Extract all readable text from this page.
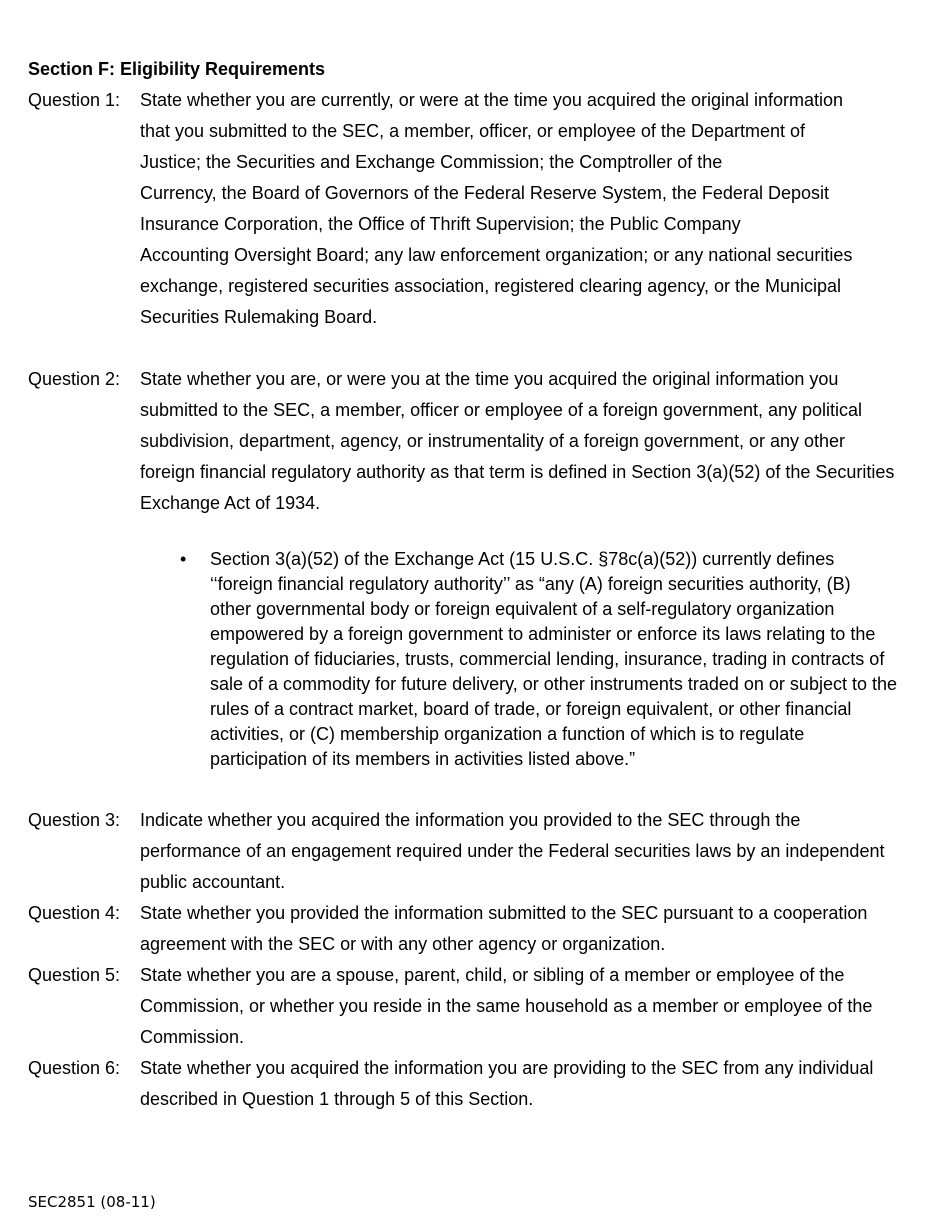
Section F: Eligibility Requirements
Question 1: State whether you are currently, or were at the time you acquired the original information
that you submitted to the SEC, a member, officer, or employee of the Department of
Justice; the Securities and Exchange Commission; the Comptroller of the
Currency, the Board of Governors of the Federal Reserve System, the Federal Deposit
Insurance Corporation, the Office of Thrift Supervision; the Public Company
Accounting Oversight Board; any law enforcement organization; or any national securities
exchange, registered securities association, registered clearing agency, or the Municipal
Securities Rulemaking Board.
Question 2: State whether you are, or were you at the time you acquired the original information you
submitted to the SEC, a member, officer or employee of a foreign government, any political
subdivision, department, agency, or instrumentality of a foreign government, or any other
foreign financial regulatory authority as that term is defined in Section 3(a)(52) of the Securities
Exchange Act of 1934.
• Section 3(a)(52) of the Exchange Act (15 U.S.C. §78c(a)(52)) currently defines
‘‘foreign financial regulatory authority’’ as “any (A) foreign securities authority, (B)
other governmental body or foreign equivalent of a self-regulatory organization
empowered by a foreign government to administer or enforce its laws relating to the
regulation of fiduciaries, trusts, commercial lending, insurance, trading in contracts of
sale of a commodity for future delivery, or other instruments traded on or subject to the
rules of a contract market, board of trade, or foreign equivalent, or other financial
activities, or (C) membership organization a function of which is to regulate
participation of its members in activities listed above.”
Question 3: Indicate whether you acquired the information you provided to the SEC through the
performance of an engagement required under the Federal securities laws by an independent
public accountant.
Question 4: State whether you provided the information submitted to the SEC pursuant to a cooperation
agreement with the SEC or with any other agency or organization.
Question 5: State whether you are a spouse, parent, child, or sibling of a member or employee of the
Commission, or whether you reside in the same household as a member or employee of the
Commission.
Question 6: State whether you acquired the information you are providing to the SEC from any individual
described in Question 1 through 5 of this Section.
SEC2851 (08-11)
